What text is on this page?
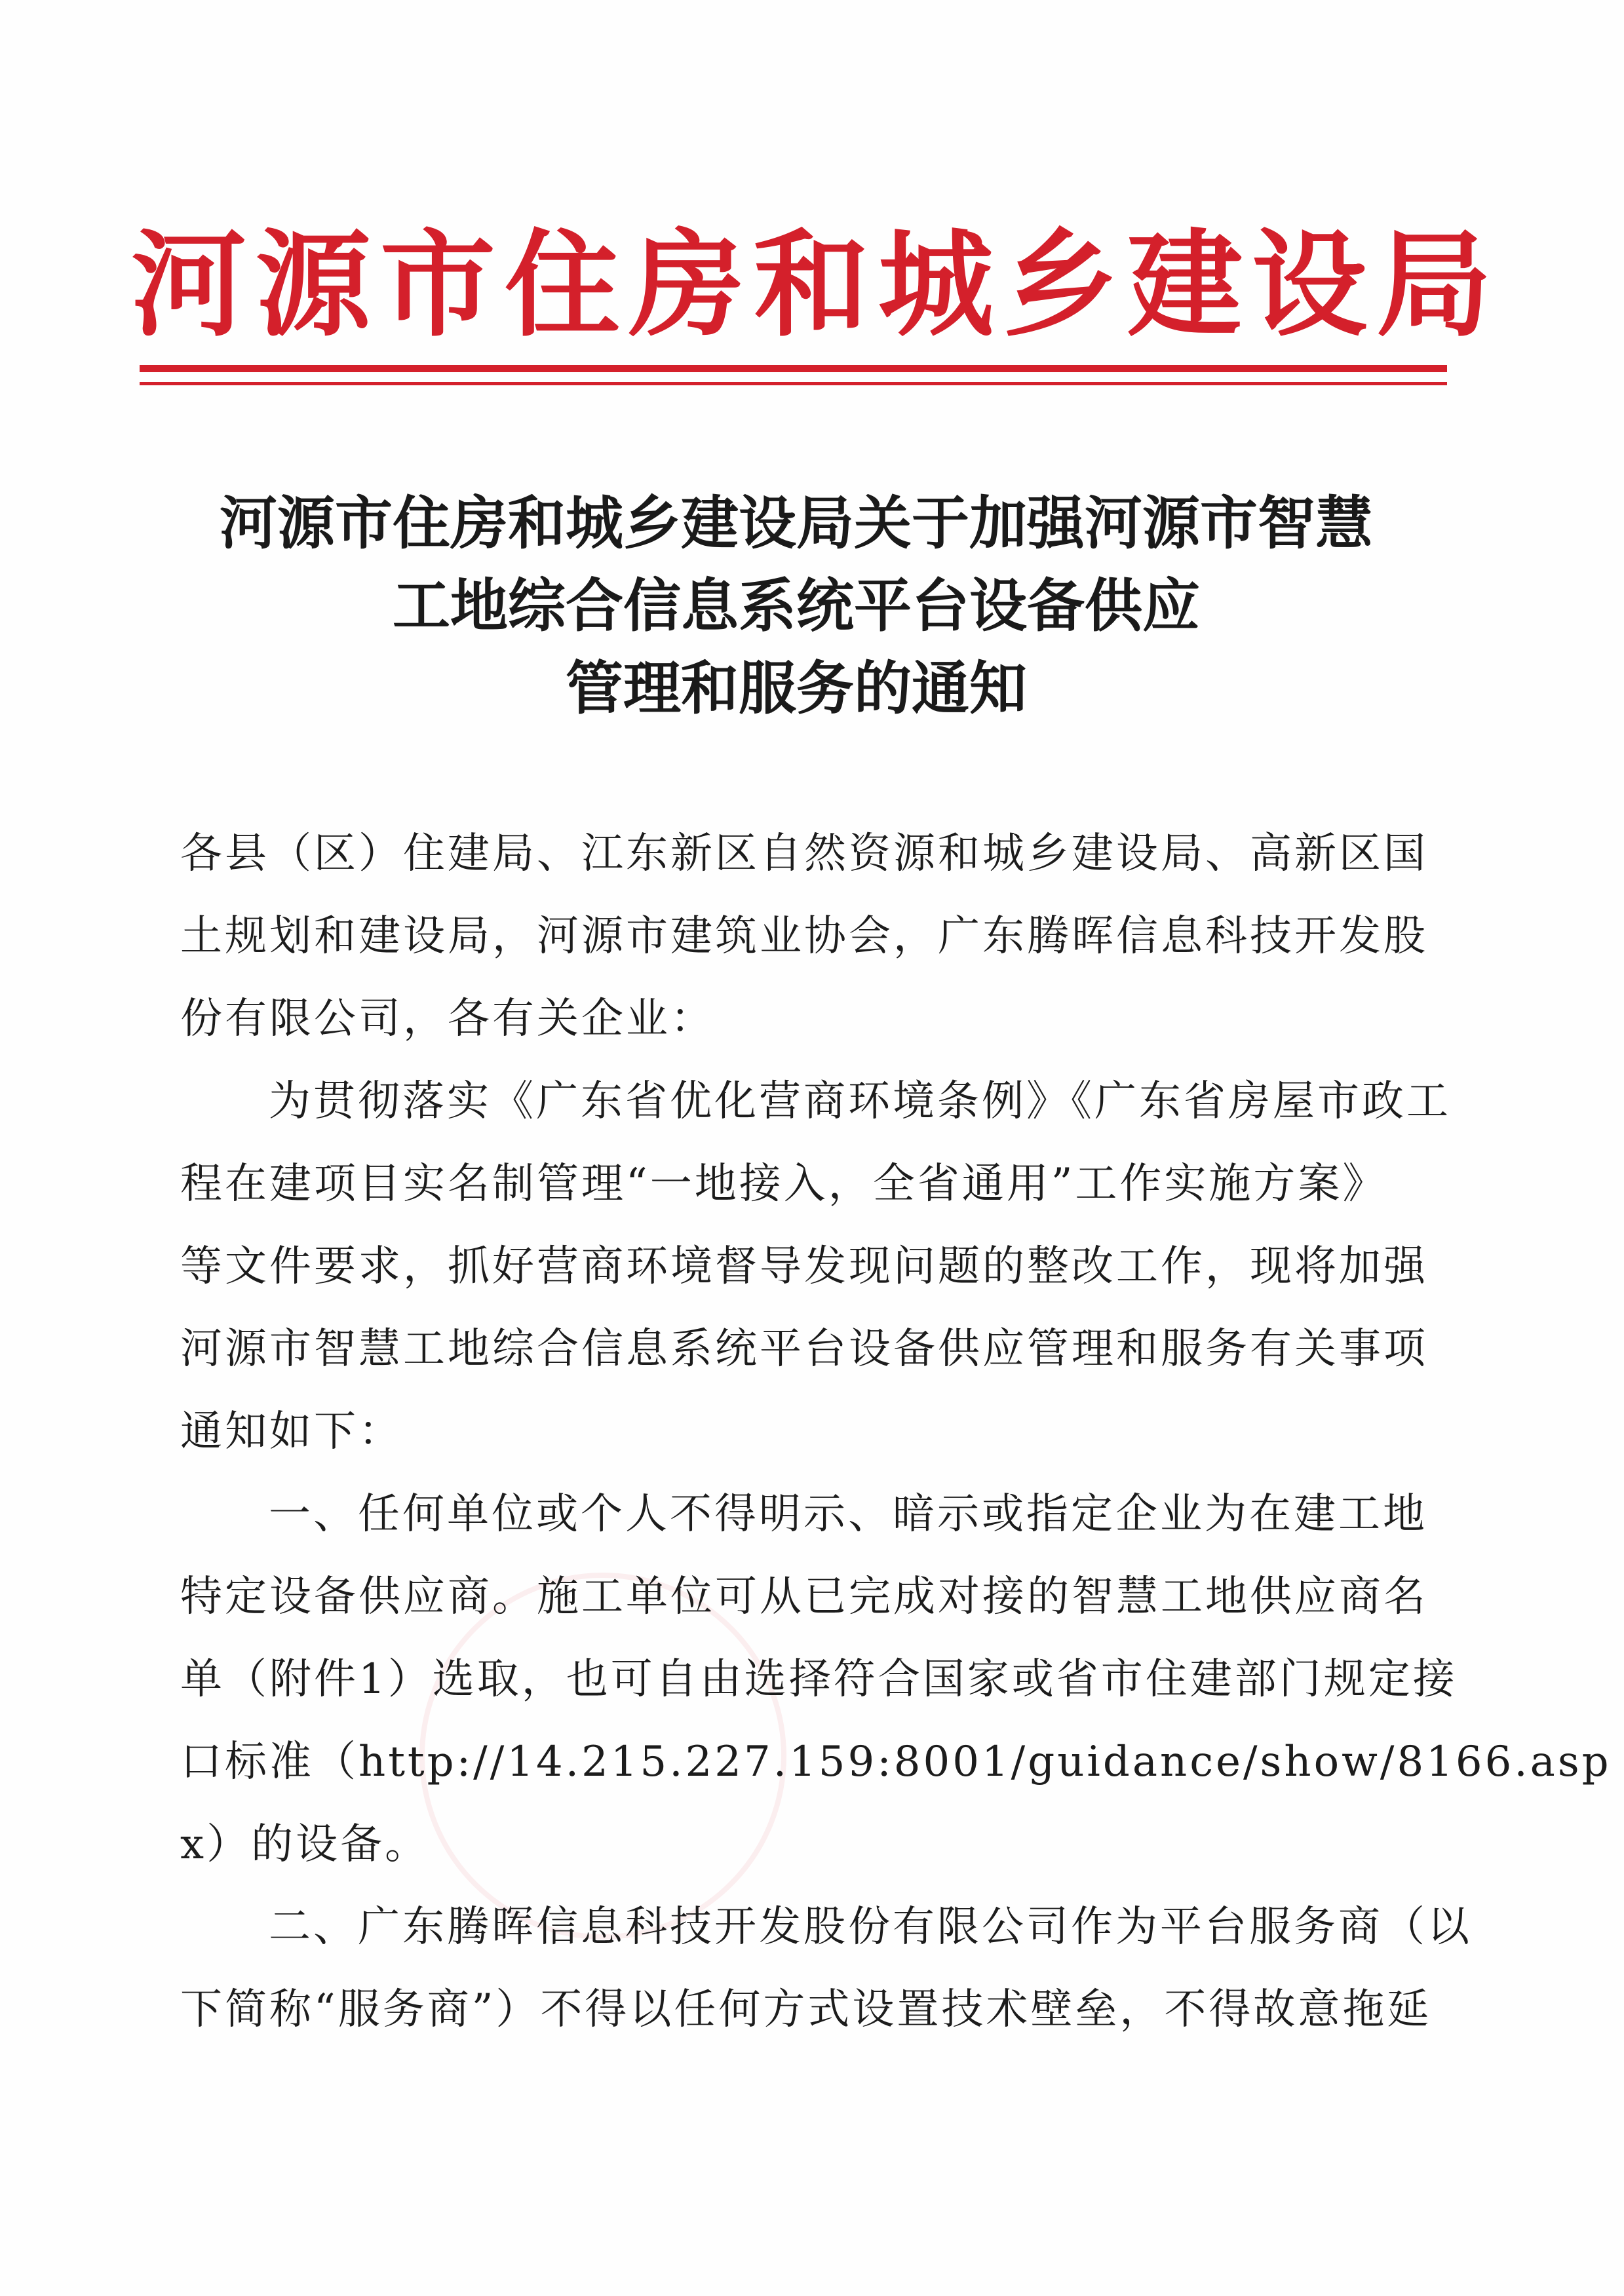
河源市住房和城乡建设局
河源市住房和城乡建设局关于加强河源市智慧
工地综合信息系统平台设备供应
管理和服务的通知
各县（区）住建局、江东新区自然资源和城乡建设局、高新区国
土规划和建设局，河源市建筑业协会，广东腾晖信息科技开发股
份有限公司，各有关企业：
为贯彻落实《广东省优化营商环境条例》《广东省房屋市政工
程在建项目实名制管理“一地接入，全省通用”工作实施方案》
等文件要求，抓好营商环境督导发现问题的整改工作，现将加强
河源市智慧工地综合信息系统平台设备供应管理和服务有关事项
通知如下：
一、任何单位或个人不得明示、暗示或指定企业为在建工地
特定设备供应商。施工单位可从已完成对接的智慧工地供应商名
单（附件1）选取，也可自由选择符合国家或省市住建部门规定接
口标准（http://14.215.227.159:8001/guidance/show/8166.asp
x）的设备。
二、广东腾晖信息科技开发股份有限公司作为平台服务商（以
下简称“服务商”）不得以任何方式设置技术壁垒，不得故意拖延
